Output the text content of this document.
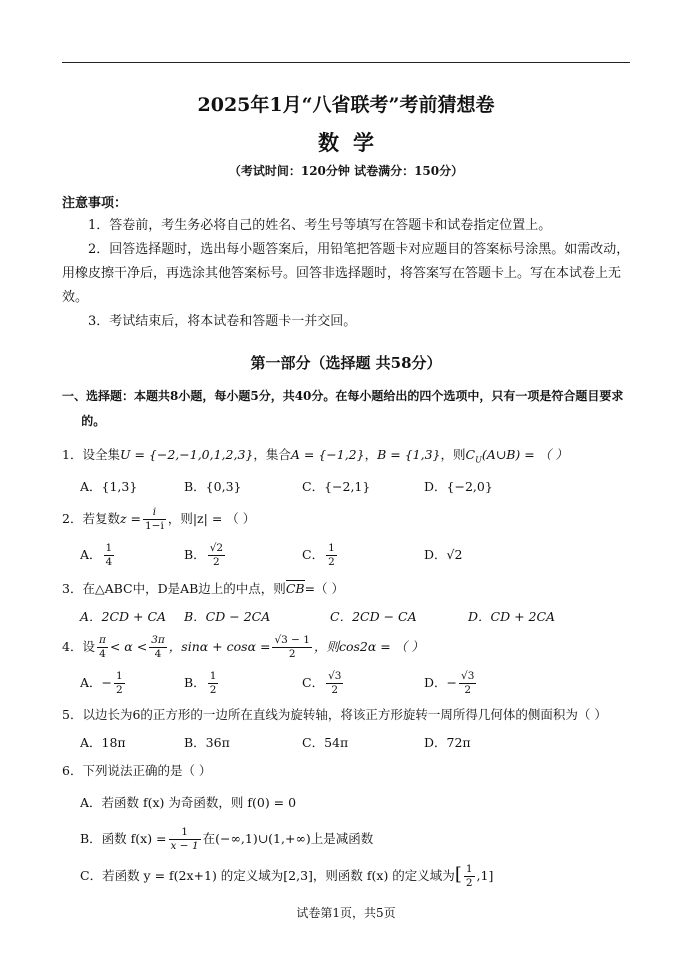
2025年1月“八省联考”考前猜想卷
数学
（考试时间：120分钟 试卷满分：150分）
注意事项：

1．答卷前，考生务必将自己的姓名、考生号等填写在答题卡和试卷指定位置上。

2．回答选择题时，选出每小题答案后，用铅笔把答题卡对应题目的答案标号涂黑。如需改动，用橡皮擦干净后，再选涂其他答案标号。回答非选择题时，将答案写在答题卡上。写在本试卷上无效。

3．考试结束后，将本试卷和答题卡一并交回。

第一部分（选择题 共58分）
一、选择题：本题共8小题，每小题5分，共40分。在每小题给出的四个选项中，只有一项是符合题目要求的。
1．设全集U = {−2,−1,0,1,2,3}，集合A = {−1,2}，B = {1,3}，则$C_U(A\cup B)$ = （ ）
A．{1,3}	B．{0,3}	C．{−2,1}	D．{−2,0}
2．若复数$z = \frac{i}{1-i}$ ，则|z| = （ ）
A． $\frac{1}{4}$	B． $\frac{√2}{2}$	C． $\frac{1}{2}$	D．√2
3．在△ABC中，D是AB边上的中点，则CB=（ ）
A．2CD + CA B．CD − 2CA	C．2CD − CA	D．CD + 2CA
4．设 $\frac{\pi}{4} < \alpha < \frac{3\pi}{4}$ ，$\sin\alpha + \cos\alpha = \frac{√3 - 1}{2}$ ，则cos2α = （ ）
A．− $\frac{1}{2}$	B． $\frac{1}{2}$	C． $\frac{√3}{2}$	D．− $\frac{√3}{2}$
5．以边长为6的正方形的一边所在直线为旋转轴，将该正方形旋转一周所得几何体的侧面积为（ ）
A．18π	B．36π	C．54π	D．72π
6．下列说法正确的是（ ）
A．若函数 f(x) 为奇函数，则 f(0) = 0
B．函数 $f(x) = \frac{1}{x - 1}$ 在(−∞,1)∪(1,+∞)上是减函数
C．若函数 y = f(2x+1) 的定义域为[2,3]，则函数 f(x) 的定义域为[ $\frac{1}{2} ,1$]
试卷第1页，共5页
